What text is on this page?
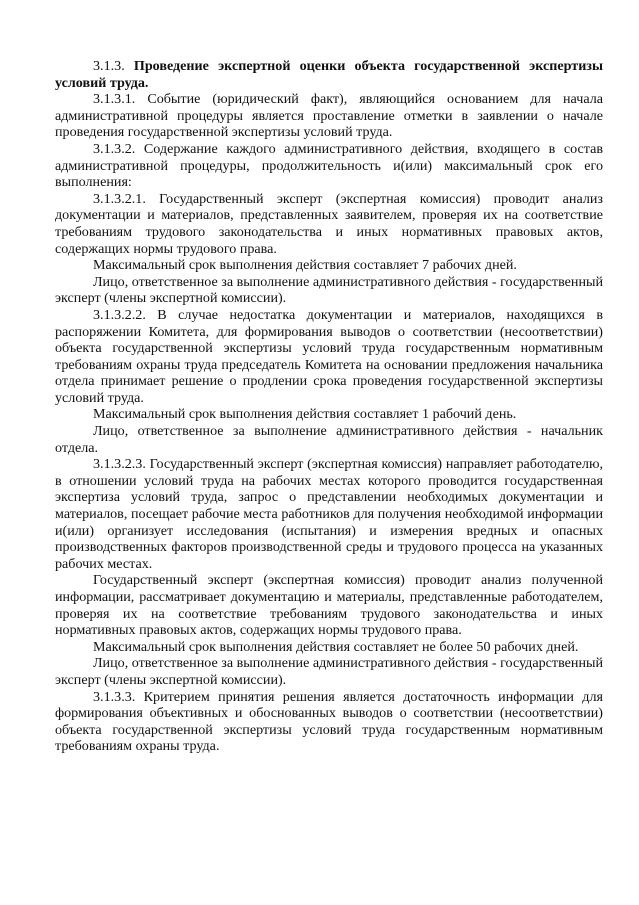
3.1.3. Проведение экспертной оценки объекта государственной экспертизы условий труда.

3.1.3.1. Событие (юридический факт), являющийся основанием для начала административной процедуры является проставление отметки в заявлении о начале проведения государственной экспертизы условий труда.

3.1.3.2. Содержание каждого административного действия, входящего в состав административной процедуры, продолжительность и(или) максимальный срок его выполнения:

3.1.3.2.1. Государственный эксперт (экспертная комиссия) проводит анализ документации и материалов, представленных заявителем, проверяя их на соответствие требованиям трудового законодательства и иных нормативных правовых актов, содержащих нормы трудового права.

Максимальный срок выполнения действия составляет 7 рабочих дней.

Лицо, ответственное за выполнение административного действия - государственный эксперт (члены экспертной комиссии).

3.1.3.2.2. В случае недостатка документации и материалов, находящихся в распоряжении Комитета, для формирования выводов о соответствии (несоответствии) объекта государственной экспертизы условий труда государственным нормативным требованиям охраны труда председатель Комитета на основании предложения начальника отдела принимает решение о продлении срока проведения государственной экспертизы условий труда.

Максимальный срок выполнения действия составляет 1 рабочий день.

Лицо, ответственное за выполнение административного действия - начальник отдела.

3.1.3.2.3. Государственный эксперт (экспертная комиссия) направляет работодателю, в отношении условий труда на рабочих местах которого проводится государственная экспертиза условий труда, запрос о представлении необходимых документации и материалов, посещает рабочие места работников для получения необходимой информации и(или) организует исследования (испытания) и измерения вредных и опасных производственных факторов производственной среды и трудового процесса на указанных рабочих местах.

Государственный эксперт (экспертная комиссия) проводит анализ полученной информации, рассматривает документацию и материалы, представленные работодателем, проверяя их на соответствие требованиям трудового законодательства и иных нормативных правовых актов, содержащих нормы трудового права.

Максимальный срок выполнения действия составляет не более 50 рабочих дней.

Лицо, ответственное за выполнение административного действия - государственный эксперт (члены экспертной комиссии).

3.1.3.3. Критерием принятия решения является достаточность информации для формирования объективных и обоснованных выводов о соответствии (несоответствии) объекта государственной экспертизы условий труда государственным нормативным требованиям охраны труда.
